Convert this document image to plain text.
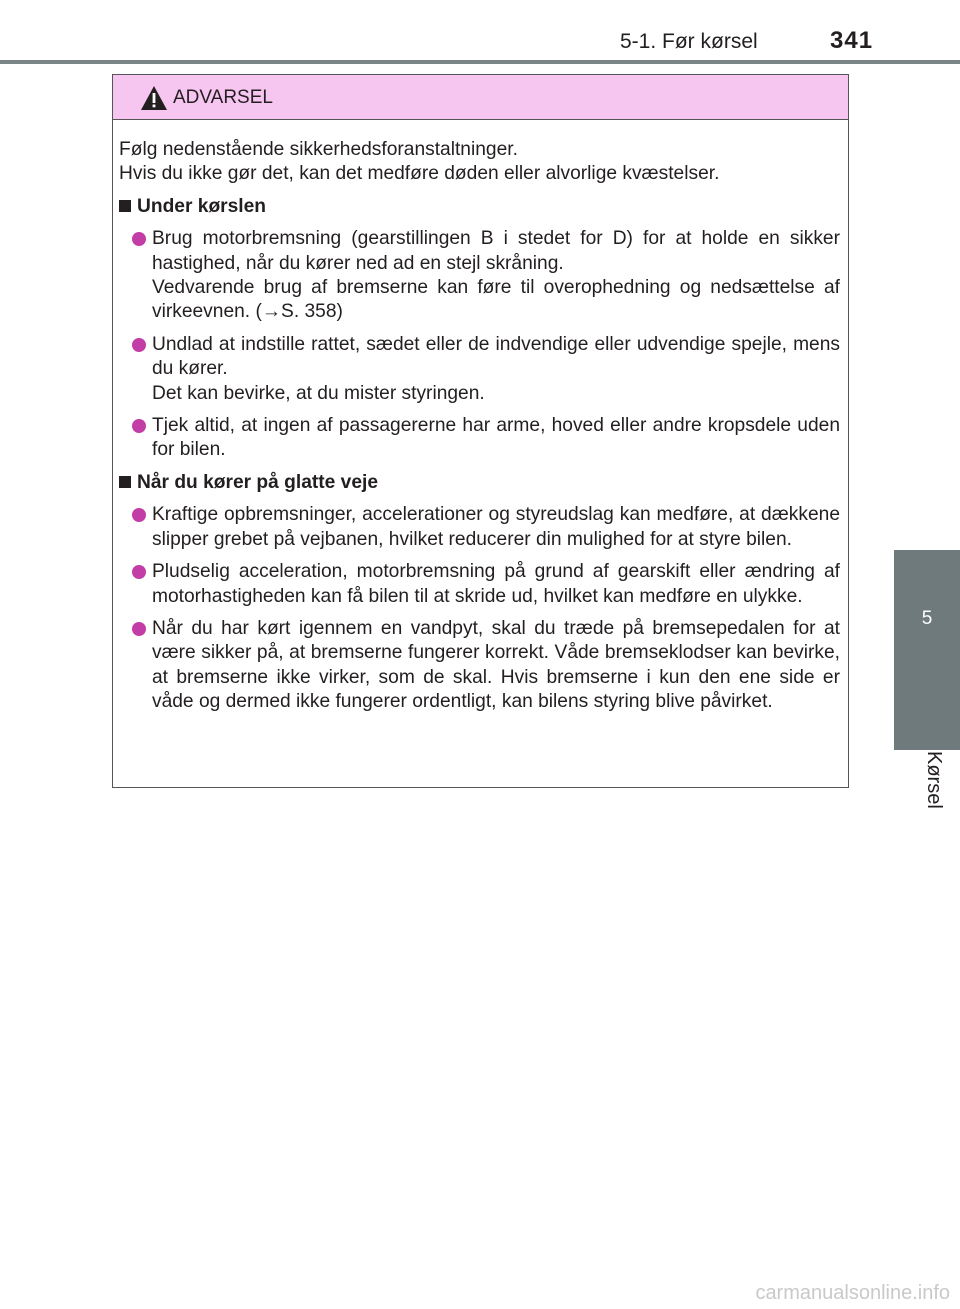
5-1. Før kørsel	341
5
Kørsel
ADVARSEL

Følg nedenstående sikkerhedsforanstaltninger.

Hvis du ikke gør det, kan det medføre døden eller alvorlige kvæstelser.

Under kørslen

Brug motorbremsning (gearstillingen B i stedet for D) for at holde en sikker hastighed, når du kører ned ad en stejl skråning.

Vedvarende brug af bremserne kan føre til overophedning og nedsættelse af virkeevnen. (→S. 358)

Undlad at indstille rattet, sædet eller de indvendige eller udvendige spejle, mens du kører.

Det kan bevirke, at du mister styringen.

Tjek altid, at ingen af passagererne har arme, hoved eller andre kropsdele uden for bilen.

Når du kører på glatte veje

Kraftige opbremsninger, accelerationer og styreudslag kan medføre, at dækkene slipper grebet på vejbanen, hvilket reducerer din mulighed for at styre bilen.

Pludselig acceleration, motorbremsning på grund af gearskift eller ændring af motorhastigheden kan få bilen til at skride ud, hvilket kan medføre en ulykke.

Når du har kørt igennem en vandpyt, skal du træde på bremsepedalen for at være sikker på, at bremserne fungerer korrekt. Våde bremseklodser kan bevirke, at bremserne ikke virker, som de skal. Hvis bremserne i kun den ene side er våde og dermed ikke fungerer ordentligt, kan bilens styring blive påvirket.

carmanualsonline.info
